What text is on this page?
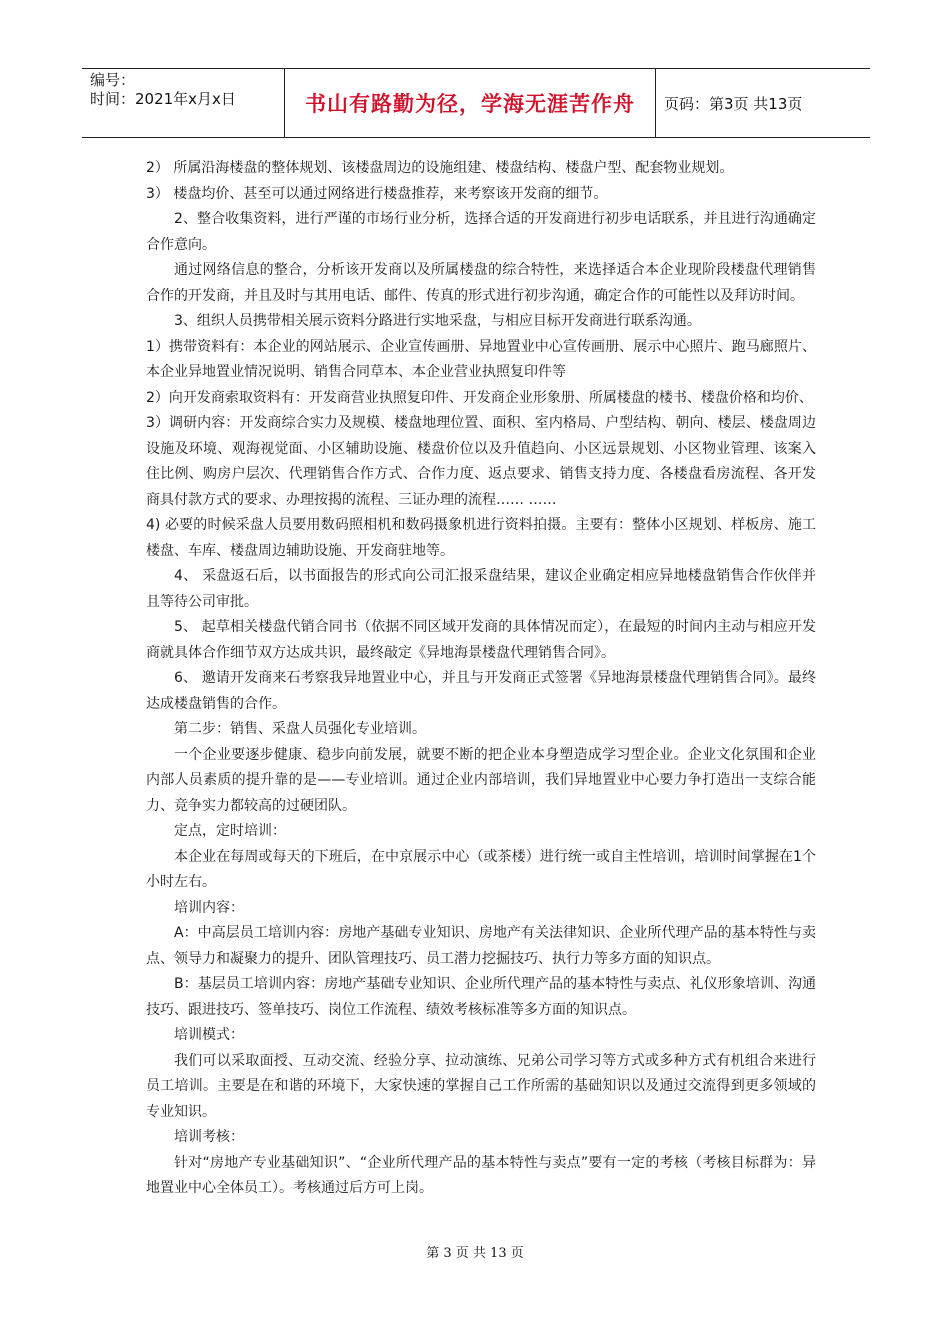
编号：
时间：2021年x月x日	书山有路勤为径，学海无涯苦作舟	页码：第3页 共13页

2） 所属沿海楼盘的整体规划、该楼盘周边的设施组建、楼盘结构、楼盘户型、配套物业规划。

3） 楼盘均价、甚至可以通过网络进行楼盘推荐，来考察该开发商的细节。

2、整合收集资料，进行严谨的市场行业分析，选择合适的开发商进行初步电话联系，并且进行沟通确定合作意向。

通过网络信息的整合，分析该开发商以及所属楼盘的综合特性，来选择适合本企业现阶段楼盘代理销售合作的开发商，并且及时与其用电话、邮件、传真的形式进行初步沟通，确定合作的可能性以及拜访时间。

3、组织人员携带相关展示资料分路进行实地采盘，与相应目标开发商进行联系沟通。

1）携带资料有：本企业的网站展示、企业宣传画册、异地置业中心宣传画册、展示中心照片、跑马廊照片、本企业异地置业情况说明、销售合同草本、本企业营业执照复印件等

2）向开发商索取资料有：开发商营业执照复印件、开发商企业形象册、所属楼盘的楼书、楼盘价格和均价、

3）调研内容：开发商综合实力及规模、楼盘地理位置、面积、室内格局、户型结构、朝向、楼层、楼盘周边设施及环境、观海视觉面、小区辅助设施、楼盘价位以及升值趋向、小区远景规划、小区物业管理、该案入住比例、购房户层次、代理销售合作方式、合作力度、返点要求、销售支持力度、各楼盘看房流程、各开发商具付款方式的要求、办理按揭的流程、三证办理的流程…… ……

4) 必要的时候采盘人员要用数码照相机和数码摄象机进行资料拍摄。主要有：整体小区规划、样板房、施工楼盘、车库、楼盘周边辅助设施、开发商驻地等。

4、 采盘返石后，以书面报告的形式向公司汇报采盘结果，建议企业确定相应异地楼盘销售合作伙伴并且等待公司审批。

5、 起草相关楼盘代销合同书（依据不同区域开发商的具体情况而定），在最短的时间内主动与相应开发商就具体合作细节双方达成共识，最终敲定《异地海景楼盘代理销售合同》。

6、 邀请开发商来石考察我异地置业中心，并且与开发商正式签署《异地海景楼盘代理销售合同》。最终达成楼盘销售的合作。

第二步：销售、采盘人员强化专业培训。

一个企业要逐步健康、稳步向前发展，就要不断的把企业本身塑造成学习型企业。企业文化氛围和企业内部人员素质的提升靠的是——专业培训。通过企业内部培训，我们异地置业中心要力争打造出一支综合能力、竞争实力都较高的过硬团队。

定点，定时培训：

本企业在每周或每天的下班后，在中京展示中心（或茶楼）进行统一或自主性培训，培训时间掌握在1个小时左右。

培训内容：

A：中高层员工培训内容：房地产基础专业知识、房地产有关法律知识、企业所代理产品的基本特性与卖点、领导力和凝聚力的提升、团队管理技巧、员工潜力挖掘技巧、执行力等多方面的知识点。

B：基层员工培训内容：房地产基础专业知识、企业所代理产品的基本特性与卖点、礼仪形象培训、沟通技巧、跟进技巧、签单技巧、岗位工作流程、绩效考核标准等多方面的知识点。

培训模式：

我们可以采取面授、互动交流、经验分享、拉动演练、兄弟公司学习等方式或多种方式有机组合来进行员工培训。主要是在和谐的环境下，大家快速的掌握自己工作所需的基础知识以及通过交流得到更多领域的专业知识。

培训考核：

针对“房地产专业基础知识”、“企业所代理产品的基本特性与卖点”要有一定的考核（考核目标群为：异地置业中心全体员工）。考核通过后方可上岗。

第 3 页 共 13 页
